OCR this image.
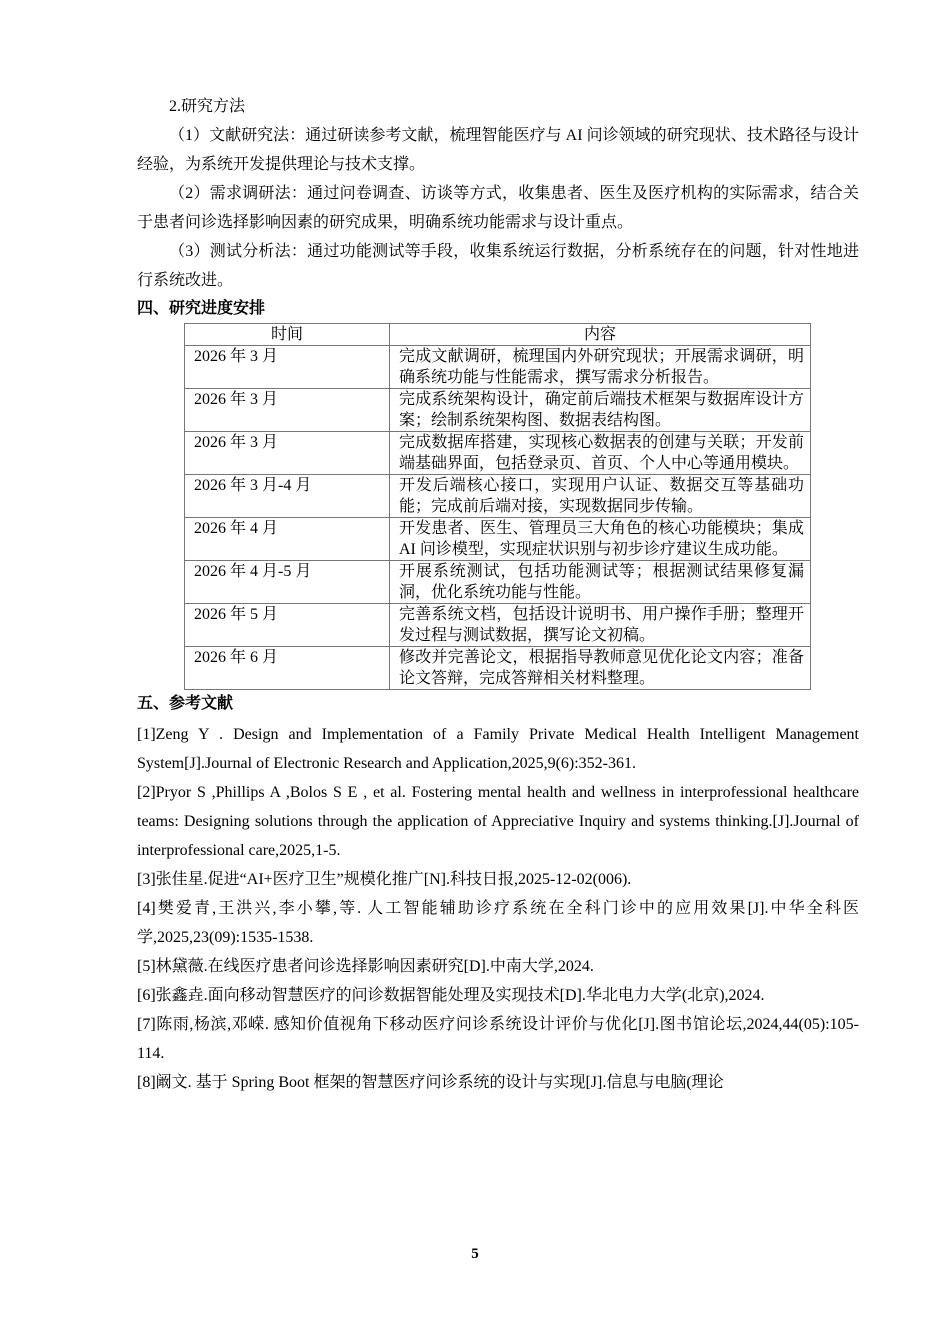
2.研究方法

（1）文献研究法：通过研读参考文献，梳理智能医疗与 AI 问诊领域的研究现状、技术路径与设计经验，为系统开发提供理论与技术支撑。

（2）需求调研法：通过问卷调查、访谈等方式，收集患者、医生及医疗机构的实际需求，结合关于患者问诊选择影响因素的研究成果，明确系统功能需求与设计重点。

（3）测试分析法：通过功能测试等手段，收集系统运行数据，分析系统存在的问题，针对性地进行系统改进。

四、研究进度安排

时间	内容
2026 年 3 月	完成文献调研，梳理国内外研究现状；开展需求调研，明确系统功能与性能需求，撰写需求分析报告。
2026 年 3 月	完成系统架构设计，确定前后端技术框架与数据库设计方案；绘制系统架构图、数据表结构图。
2026 年 3 月	完成数据库搭建，实现核心数据表的创建与关联；开发前端基础界面，包括登录页、首页、个人中心等通用模块。
2026 年 3 月-4 月	开发后端核心接口，实现用户认证、数据交互等基础功能；完成前后端对接，实现数据同步传输。
2026 年 4 月	开发患者、医生、管理员三大角色的核心功能模块；集成 AI 问诊模型，实现症状识别与初步诊疗建议生成功能。
2026 年 4 月-5 月	开展系统测试，包括功能测试等；根据测试结果修复漏洞，优化系统功能与性能。
2026 年 5 月	完善系统文档，包括设计说明书、用户操作手册；整理开发过程与测试数据，撰写论文初稿。
2026 年 6 月	修改并完善论文，根据指导教师意见优化论文内容；准备论文答辩，完成答辩相关材料整理。

五、参考文献

[1]Zeng Y . Design and Implementation of a Family Private Medical Health Intelligent Management System[J].Journal of Electronic Research and Application,2025,9(6):352-361.

[2]Pryor S ,Phillips A ,Bolos S E , et al. Fostering mental health and wellness in interprofessional healthcare teams: Designing solutions through the application of Appreciative Inquiry and systems thinking.[J].Journal of interprofessional care,2025,1-5.

[3]张佳星.促进“AI+医疗卫生”规模化推广[N].科技日报,2025-12-02(006).

[4]樊爱青,王洪兴,李小攀,等. 人工智能辅助诊疗系统在全科门诊中的应用效果[J].中华全科医学,2025,23(09):1535-1538.

[5]林黛薇.在线医疗患者问诊选择影响因素研究[D].中南大学,2024.

[6]张鑫垚.面向移动智慧医疗的问诊数据智能处理及实现技术[D].华北电力大学(北京),2024.

[7]陈雨,杨滨,邓嵘. 感知价值视角下移动医疗问诊系统设计评价与优化[J].图书馆论坛,2024,44(05):105-114.

[8]阚文. 基于 Spring Boot 框架的智慧医疗问诊系统的设计与实现[J].信息与电脑(理论

5
